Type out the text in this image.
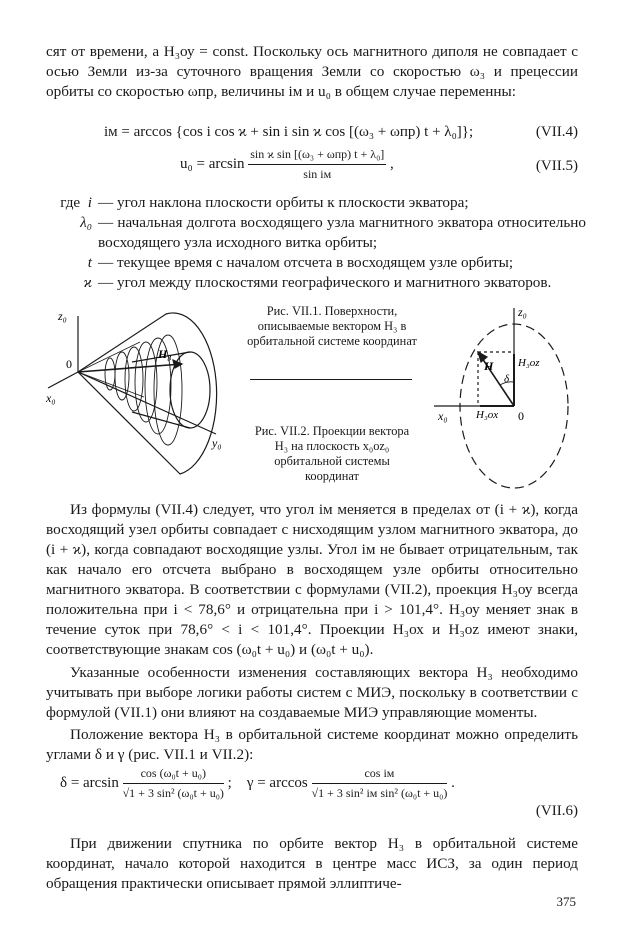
сят от времени, а H₃оу = const. Поскольку ось магнитного диполя не совпадает с осью Земли из-за суточного вращения Земли со скоростью ω₃ и прецессии орбиты со скоростью ωпр, величины iм и u₀ в общем случае переменны:

iм = arccos {cos i cos ϰ + sin i sin ϰ cos [(ω₃ + ωпр) t + λ₀]};	(VII.4)
$u_0 = \arcsin \frac{\text{sin ϰ sin [(ω₃ + ωпр) t + λ₀]}}{\text{sin iм}}$ ,	(VII.5)
где i — угол наклона плоскости орбиты к плоскости экватора;
λ₀ — начальная долгота восходящего узла магнитного экватора относительно восходящего узла исходного витка орбиты;
t — текущее время с началом отсчета в восходящем узле орбиты;
ϰ — угол между плоскостями географического и магнитного экваторов.
z₀
x₀
y₀
0
H₃
Рис. VII.1. Поверхности, описываемые вектором H₃ в орбитальной системе координат
Рис. VII.2. Проекции вектора H₃ на плоскость x₀oz₀ орбитальной системы координат
z₀
x₀	0
H
δ
H₃oz
H₃ox

Из формулы (VII.4) следует, что угол iм меняется в пределах от (i + ϰ), когда восходящий узел орбиты совпадает с нисходящим узлом магнитного экватора, до (i + ϰ), когда совпадают восходящие узлы. Угол iм не бывает отрицательным, так как начало его отсчета выбрано в восходящем узле орбиты относительно магнитного экватора. В соответствии с формулами (VII.2), проекция H₃оу всегда положительна при i < 78,6° и отрицательна при i > 101,4°. H₃оу меняет знак в течение суток при 78,6° < i < 101,4°. Проекции H₃ох и H₃оz имеют знаки, соответствующие знакам cos (ω₀t + u₀) и (ω₀t + u₀).

Указанные особенности изменения составляющих вектора H₃ необходимо учитывать при выборе логики работы систем с МИЭ, поскольку в соответствии с формулой (VII.1) они влияют на создаваемые МИЭ управляющие моменты.

Положение вектора H₃ в орбитальной системе координат можно определить углами δ и γ (рис. VII.1 и VII.2):

$\delta = \arcsin \frac{\text{cos (ω₀t + u₀)}}{\text{√1 + 3 sin² (ω₀t + u₀)}}$ ; $\gamma = \arccos \frac{\text{cos iм}}{\text{√1 + 3 sin² iм sin² (ω₀t + u₀)}}$ .
(VII.6)

При движении спутника по орбите вектор H₃ в орбитальной системе координат, начало которой находится в центре масс ИСЗ, за один период обращения практически описывает прямой эллиптиче-

375
